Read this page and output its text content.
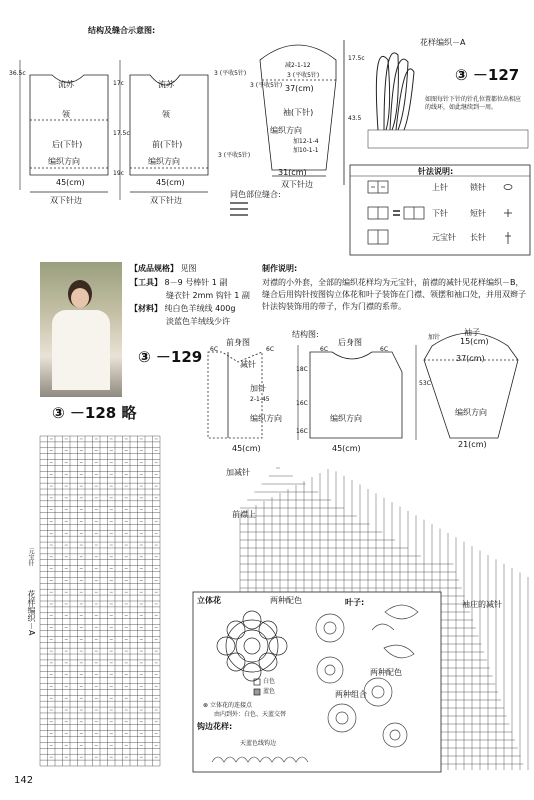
结构及缝合示意图:
流苏
领
后(下针)
编织方向
45(cm)
双下针边
36.5c
17c
17.5c
19c
流苏
领
前(下针)
编织方向
45(cm)
双下针边
3 (平收5针)
3 (平收5针)
减2-1-12
3 (平收5针)
37(cm)
袖(下针)
编织方向
加12-1-4
加10-1-1
3 (平收5针)
31(cm)
双下针边
17.5c
43.5
同色部位缝合:
花样编织－A
③ －127
如图每针下针的针孔位置都位出相应的线环，如此继续到一周。
针法说明:
上针	锁针
下针	短针
元宝针 长针
【成品规格】 见图
【工具】 8－9 号棒针 1 副
缝衣针 2mm 钩针 1 副
【材料】 纯白色羊绒线 400g
淡蓝色羊绒线少许
③ －129
③ －128 略
制作说明:
对襟的小外套，全部的编织花样均为元宝针，前襟的减针见花样编织－B，缝合后用钩针按图钩立体花和叶子装饰在门襟、领摆和袖口处，并用双辫子针法钩装饰用的带子，作为门襟的系带。
结构图:
前身图	后身图
袖子
6C	6C	6C	6C
减针
加针
2-1-45
编织方向	编织方向
编织方向
45(cm)	45(cm)
37(cm)
15(cm)
21(cm)
18C
16C
16C
53C
加针
花样编织－A
元宝针
加减针
前襟上
袖庄的减针
立体花	两种配色	叶子:
两种配色
两种组合
白色
蓝色
⊗ 立体花的连接点
由内到外：白色、天蓝交替
钩边花样:
天蓝色线钩边
142
